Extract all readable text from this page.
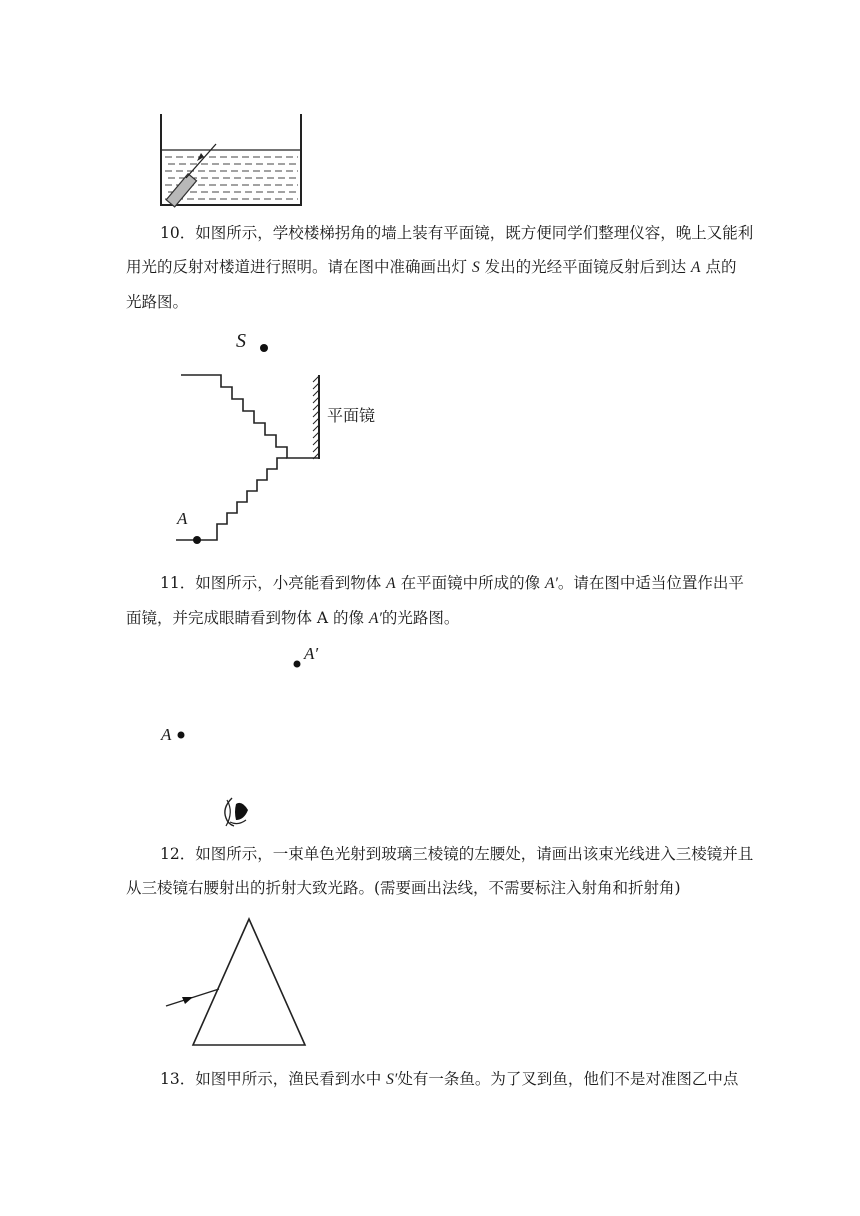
10．如图所示，学校楼梯拐角的墙上装有平面镜，既方便同学们整理仪容，晚上又能利
用光的反射对楼道进行照明。请在图中准确画出灯 S 发出的光经平面镜反射后到达 A 点的
光路图。
S
平面镜
A
11．如图所示，小亮能看到物体 A 在平面镜中所成的像 A′。请在图中适当位置作出平
面镜，并完成眼睛看到物体 A 的像 A′的光路图。
A′
A
12．如图所示，一束单色光射到玻璃三棱镜的左腰处，请画出该束光线进入三棱镜并且
从三棱镜右腰射出的折射大致光路。(需要画出法线，不需要标注入射角和折射角)
13．如图甲所示，渔民看到水中 S′处有一条鱼。为了叉到鱼，他们不是对准图乙中点
